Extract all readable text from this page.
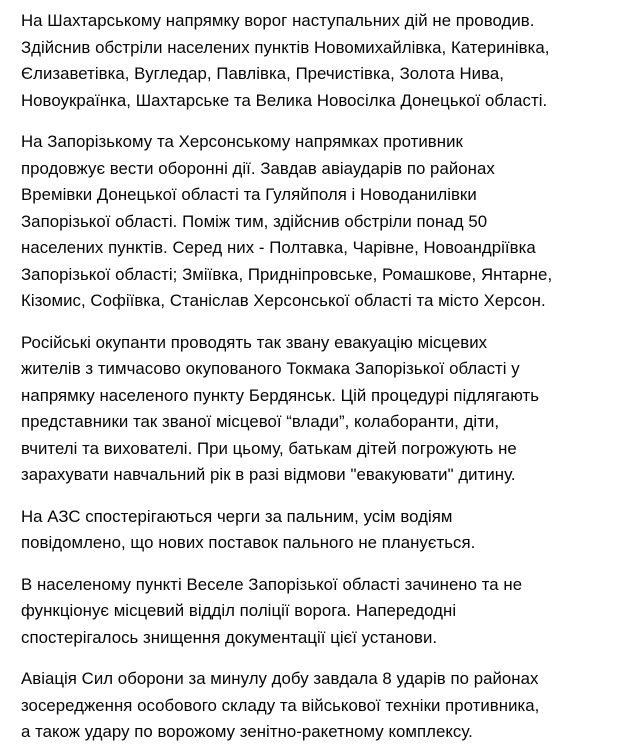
На Шахтарському напрямку ворог наступальних дій не проводив.
Здійснив обстріли населених пунктів Новомихайлівка, Катеринівка,
Єлизаветівка, Вугледар, Павлівка, Пречистівка, Золота Нива,
Новоукраїнка, Шахтарське та Велика Новосілка Донецької області.

На Запорізькому та Херсонському напрямках противник
продовжує вести оборонні дії. Завдав авіаударів по районах
Времівки Донецької області та Гуляйполя і Новоданилівки
Запорізької області. Поміж тим, здійснив обстріли понад 50
населених пунктів. Серед них - Полтавка, Чарівне, Новоандріївка
Запорізької області; Зміївка, Придніпровське, Ромашкове, Янтарне,
Кізомис, Софіївка, Станіслав Херсонської області та місто Херсон.

Російські окупанти проводять так звану евакуацію місцевих
жителів з тимчасово окупованого Токмака Запорізької області у
напрямку населеного пункту Бердянськ. Цій процедурі підлягають
представники так званої місцевої “влади”, колаборанти, діти,
вчителі та вихователі. При цьому, батькам дітей погрожують не
зарахувати навчальний рік в разі відмови "евакуювати" дитину.

На АЗС спостерігаються черги за пальним, усім водіям
повідомлено, що нових поставок пального не планується.

В населеному пункті Веселе Запорізької області зачинено та не
функціонує місцевий відділ поліції ворога. Напередодні
спостерігалось знищення документації цієї установи.

Авіація Сил оборони за минулу добу завдала 8 ударів по районах
зосередження особового складу та військової техніки противника,
а також удару по ворожому зенітно-ракетному комплексу.
